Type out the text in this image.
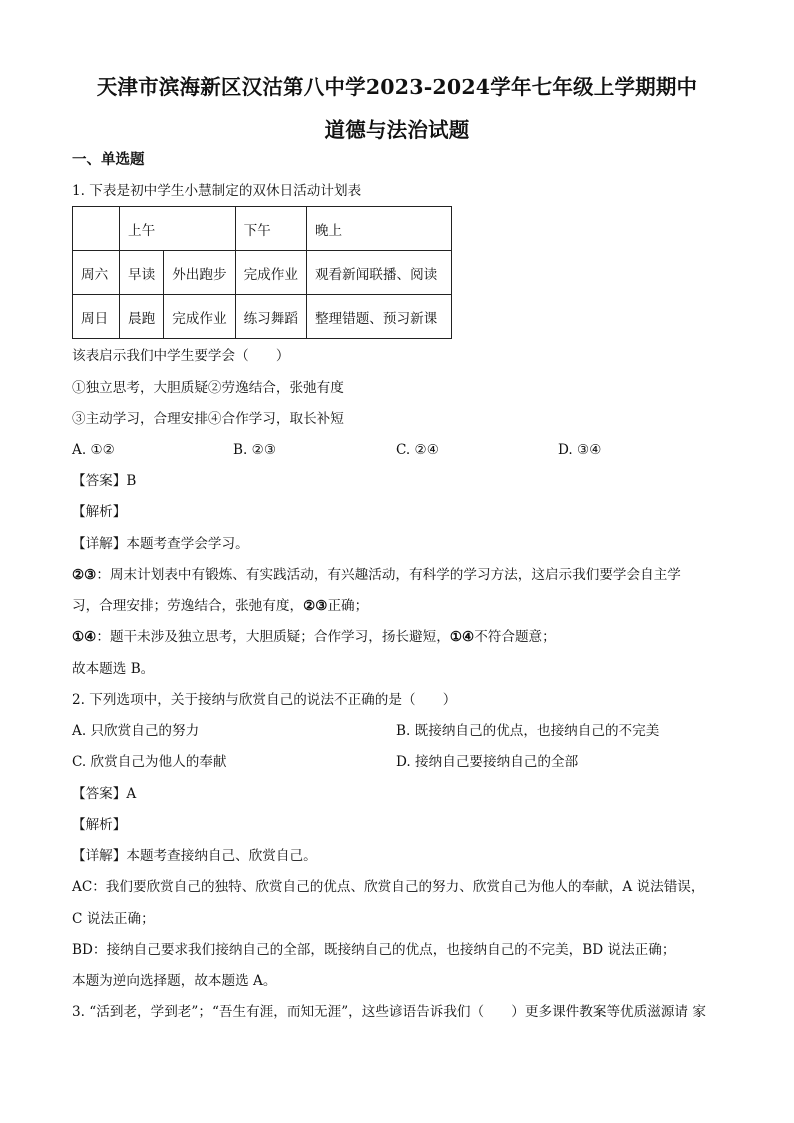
天津市滨海新区汉沽第八中学2023-2024学年七年级上学期期中
道德与法治试题
一、单选题
1. 下表是初中学生小慧制定的双休日活动计划表
	上午		下午	晚上
周六	早读	外出跑步	完成作业	观看新闻联播、阅读
周日	晨跑	完成作业	练习舞蹈	整理错题、预习新课
该表启示我们中学生要学会（　　）
①独立思考，大胆质疑②劳逸结合，张弛有度
③主动学习，合理安排④合作学习，取长补短
A. ①②	B. ②③	C. ②④	D. ③④
【答案】B
【解析】
【详解】本题考查学会学习。
②③：周末计划表中有锻炼、有实践活动，有兴趣活动，有科学的学习方法，这启示我们要学会自主学
习，合理安排；劳逸结合，张弛有度，②③正确；
①④：题干未涉及独立思考，大胆质疑；合作学习，扬长避短，①④不符合题意；
故本题选 B。
2. 下列选项中，关于接纳与欣赏自己的说法不正确的是（　　）
A. 只欣赏自己的努力	B. 既接纳自己的优点，也接纳自己的不完美
C. 欣赏自己为他人的奉献	D. 接纳自己要接纳自己的全部
【答案】A
【解析】
【详解】本题考查接纳自己、欣赏自己。
AC：我们要欣赏自己的独特、欣赏自己的优点、欣赏自己的努力、欣赏自己为他人的奉献，A 说法错误，
C 说法正确；
BD：接纳自己要求我们接纳自己的全部，既接纳自己的优点，也接纳自己的不完美，BD 说法正确；
本题为逆向选择题，故本题选 A。
3. “活到老，学到老”；“吾生有涯，而知无涯”，这些谚语告诉我们（　　）更多课件教案等优质滋源请 家
